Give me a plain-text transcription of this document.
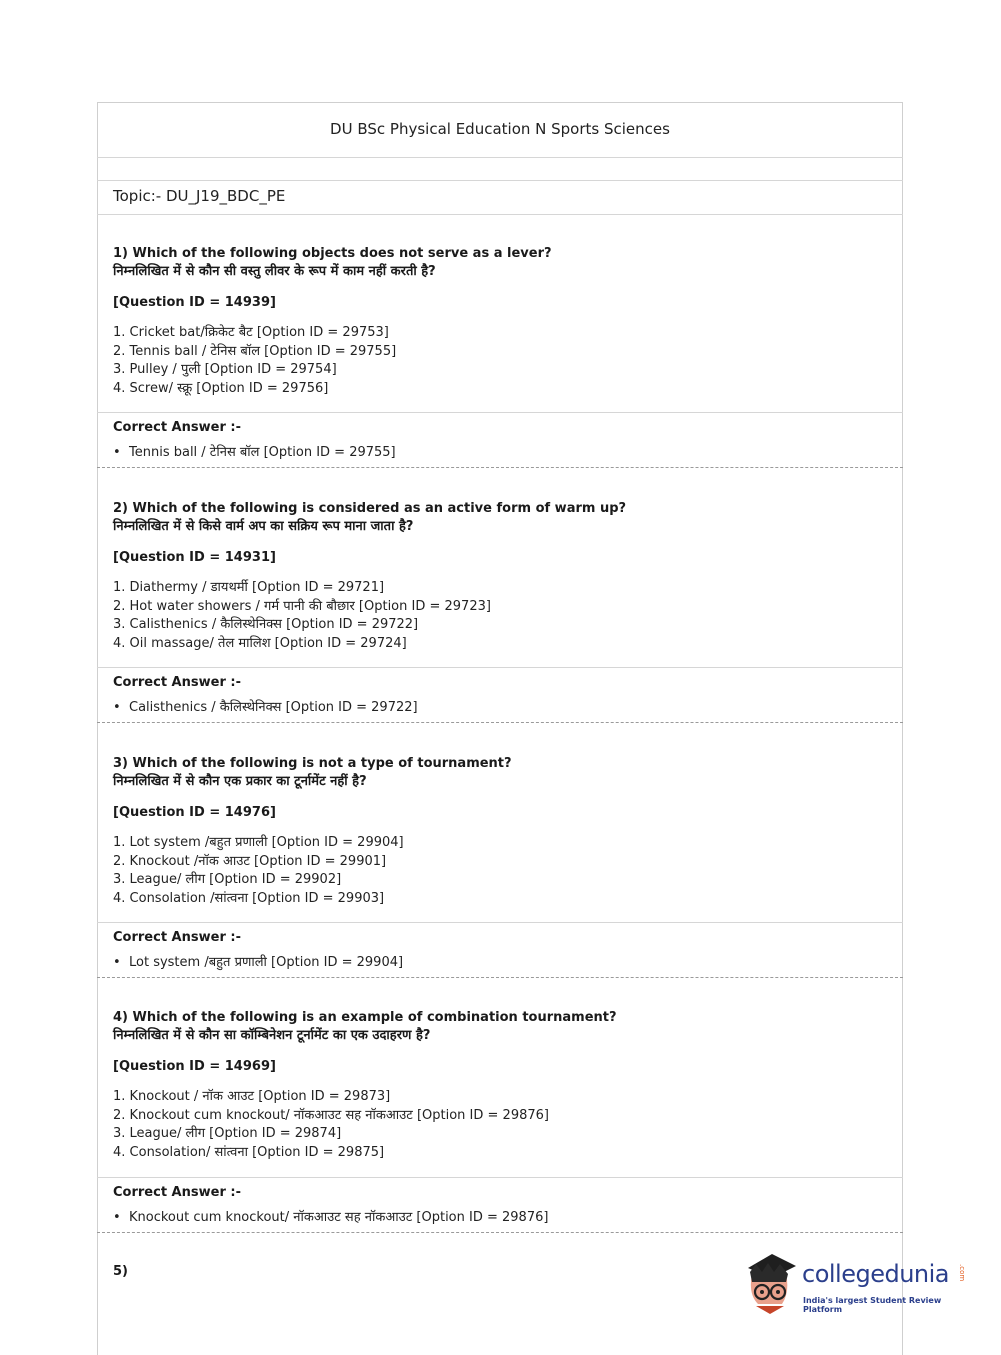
DU BSc Physical Education N Sports Sciences
Topic:- DU_J19_BDC_PE

1) Which of the following objects does not serve as a lever?

निम्नलिखित में से कौन सी वस्तु लीवर के रूप में काम नहीं करती है?

[Question ID = 14939]

1. Cricket bat/क्रिकेट बैट [Option ID = 29753]
2. Tennis ball / टेनिस बॉल [Option ID = 29755]
3. Pulley / पुली [Option ID = 29754]
4. Screw/ स्क्रू [Option ID = 29756]
Correct Answer :-
• Tennis ball / टेनिस बॉल [Option ID = 29755]

2) Which of the following is considered as an active form of warm up?

निम्नलिखित में से किसे वार्म अप का सक्रिय रूप माना जाता है?

[Question ID = 14931]

1. Diathermy / डायथर्मी [Option ID = 29721]
2. Hot water showers / गर्म पानी की बौछार [Option ID = 29723]
3. Calisthenics / कैलिस्थेनिक्स [Option ID = 29722]
4. Oil massage/ तेल मालिश [Option ID = 29724]
Correct Answer :-
• Calisthenics / कैलिस्थेनिक्स [Option ID = 29722]

3) Which of the following is not a type of tournament?

निम्नलिखित में से कौन एक प्रकार का टूर्नामेंट नहीं है?

[Question ID = 14976]

1. Lot system /बहुत प्रणाली [Option ID = 29904]
2. Knockout /नॉक आउट [Option ID = 29901]
3. League/ लीग [Option ID = 29902]
4. Consolation /सांत्वना [Option ID = 29903]
Correct Answer :-
• Lot system /बहुत प्रणाली [Option ID = 29904]

4) Which of the following is an example of combination tournament?

निम्नलिखित में से कौन सा कॉम्बिनेशन टूर्नामेंट का एक उदाहरण है?

[Question ID = 14969]

1. Knockout / नॉक आउट [Option ID = 29873]
2. Knockout cum knockout/ नॉकआउट सह नॉकआउट [Option ID = 29876]
3. League/ लीग [Option ID = 29874]
4. Consolation/ सांत्वना [Option ID = 29875]
Correct Answer :-
• Knockout cum knockout/ नॉकआउट सह नॉकआउट [Option ID = 29876]
5)	collegedunia .com
India's largest Student Review Platform
